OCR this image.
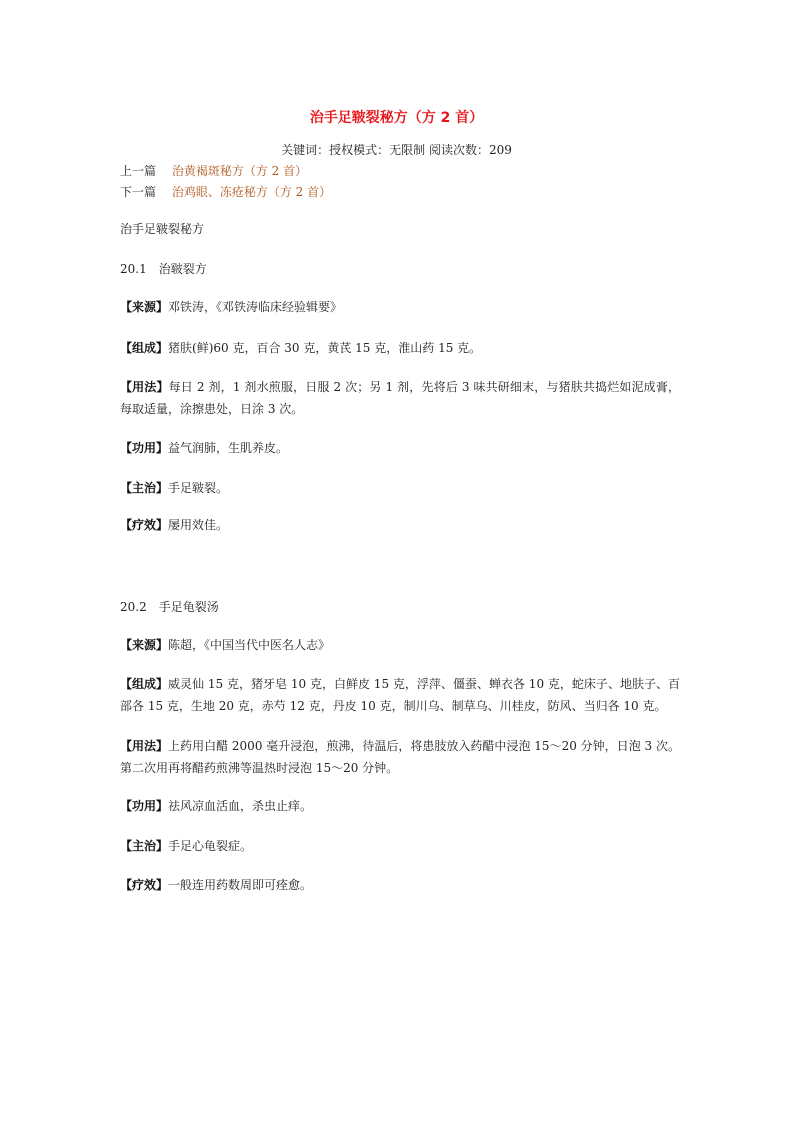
治手足皲裂秘方（方 2 首）
关键词：授权模式：无限制 阅读次数：209
上一篇 治黄褐斑秘方（方 2 首）
下一篇 治鸡眼、冻疮秘方（方 2 首）
治手足皲裂秘方
20.1　治皲裂方
【来源】邓铁涛，《邓铁涛临床经验辑要》
【组成】猪肤(鲜)60 克，百合 30 克，黄芪 15 克，淮山药 15 克。
【用法】每日 2 剂，1 剂水煎服，日服 2 次；另 1 剂，先将后 3 味共研细末，与猪肤共捣烂如泥成膏，每取适量，涂擦患处，日涂 3 次。
【功用】益气润肺，生肌养皮。
【主治】手足皲裂。
【疗效】屡用效佳。
20.2　手足龟裂汤
【来源】陈超，《中国当代中医名人志》
【组成】威灵仙 15 克，猪牙皂 10 克，白鲜皮 15 克，浮萍、僵蚕、蝉衣各 10 克，蛇床子、地肤子、百部各 15 克，生地 20 克，赤芍 12 克，丹皮 10 克，制川乌、制草乌、川桂皮，防风、当归各 10 克。
【用法】上药用白醋 2000 毫升浸泡，煎沸，待温后，将患肢放入药醋中浸泡 15～20 分钟，日泡 3 次。第二次用再将醋药煎沸等温热时浸泡 15～20 分钟。
【功用】祛风凉血活血，杀虫止痒。
【主治】手足心龟裂症。
【疗效】一般连用药数周即可痊愈。
